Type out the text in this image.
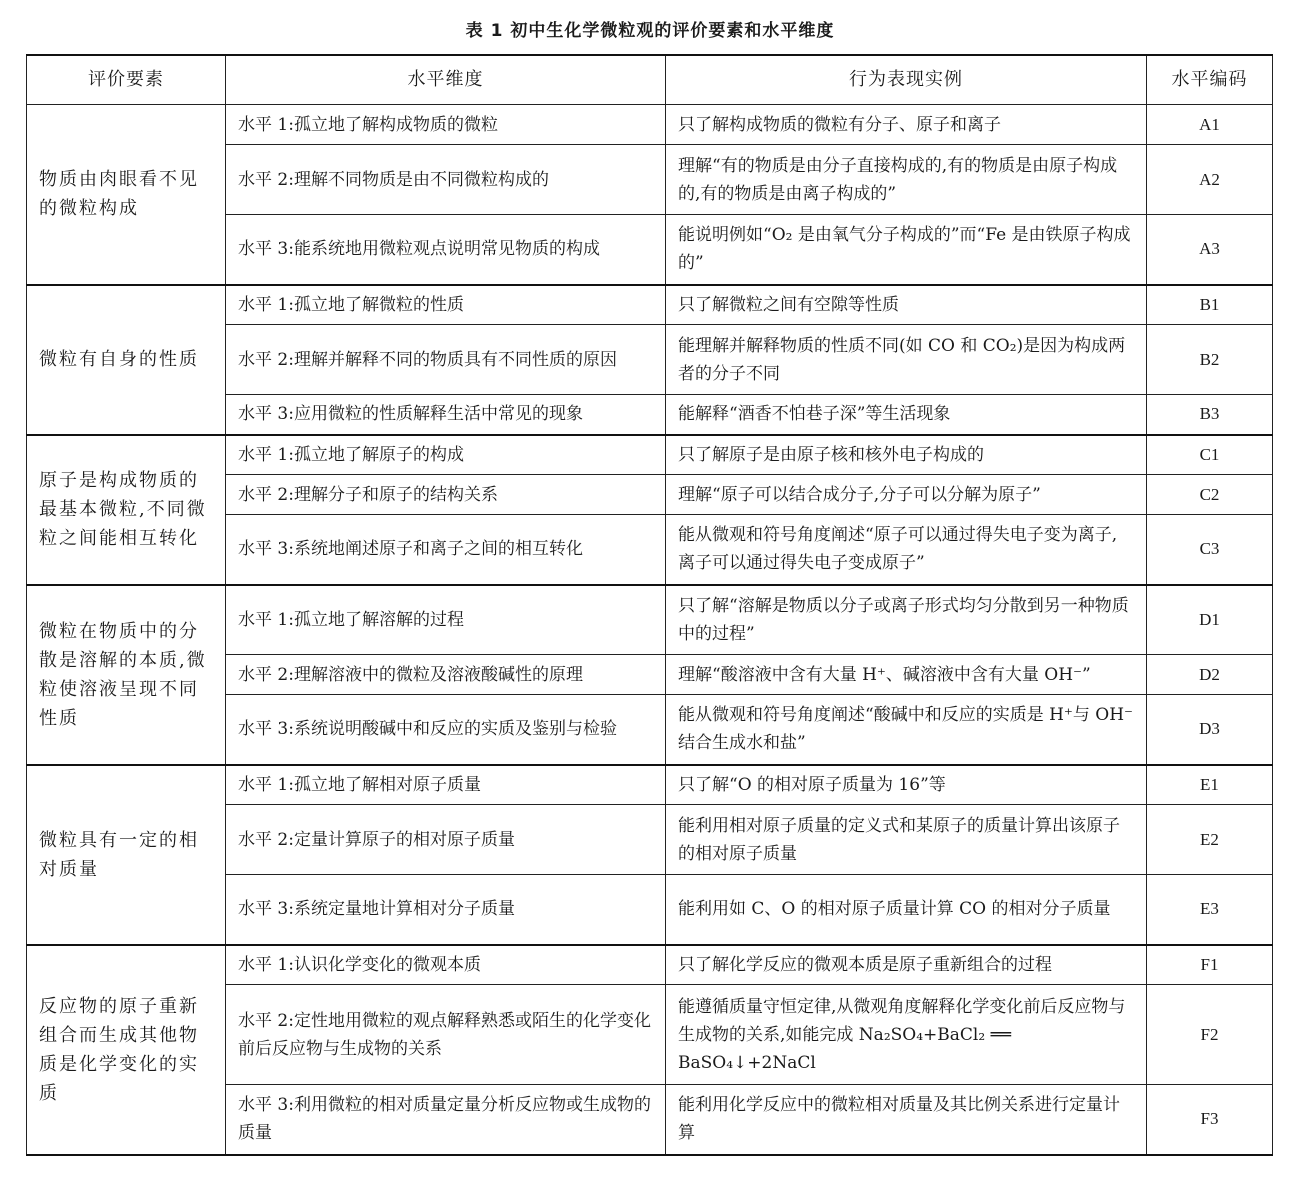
表 1 初中生化学微粒观的评价要素和水平维度
评价要素	水平维度	行为表现实例	水平编码
物质由肉眼看不见的微粒构成	水平 1:孤立地了解构成物质的微粒	只了解构成物质的微粒有分子、原子和离子	A1
	水平 2:理解不同物质是由不同微粒构成的	理解“有的物质是由分子直接构成的,有的物质是由原子构成的,有的物质是由离子构成的”	A2
	水平 3:能系统地用微粒观点说明常见物质的构成	能说明例如“O₂ 是由氧气分子构成的”而“Fe 是由铁原子构成的”	A3
微粒有自身的性质	水平 1:孤立地了解微粒的性质	只了解微粒之间有空隙等性质	B1
	水平 2:理解并解释不同的物质具有不同性质的原因	能理解并解释物质的性质不同(如 CO 和 CO₂)是因为构成两者的分子不同	B2
	水平 3:应用微粒的性质解释生活中常见的现象	能解释“酒香不怕巷子深”等生活现象	B3
原子是构成物质的最基本微粒,不同微粒之间能相互转化	水平 1:孤立地了解原子的构成	只了解原子是由原子核和核外电子构成的	C1
	水平 2:理解分子和原子的结构关系	理解“原子可以结合成分子,分子可以分解为原子”	C2
	水平 3:系统地阐述原子和离子之间的相互转化	能从微观和符号角度阐述“原子可以通过得失电子变为离子,离子可以通过得失电子变成原子”	C3
微粒在物质中的分散是溶解的本质,微粒使溶液呈现不同性质	水平 1:孤立地了解溶解的过程	只了解“溶解是物质以分子或离子形式均匀分散到另一种物质中的过程”	D1
	水平 2:理解溶液中的微粒及溶液酸碱性的原理	理解“酸溶液中含有大量 H⁺、碱溶液中含有大量 OH⁻”	D2
	水平 3:系统说明酸碱中和反应的实质及鉴别与检验	能从微观和符号角度阐述“酸碱中和反应的实质是 H⁺与 OH⁻结合生成水和盐”	D3
微粒具有一定的相对质量	水平 1:孤立地了解相对原子质量	只了解“O 的相对原子质量为 16”等	E1
	水平 2:定量计算原子的相对原子质量	能利用相对原子质量的定义式和某原子的质量计算出该原子的相对原子质量	E2
	水平 3:系统定量地计算相对分子质量	能利用如 C、O 的相对原子质量计算 CO 的相对分子质量	E3
反应物的原子重新组合而生成其他物质是化学变化的实质	水平 1:认识化学变化的微观本质	只了解化学反应的微观本质是原子重新组合的过程	F1
	水平 2:定性地用微粒的观点解释熟悉或陌生的化学变化前后反应物与生成物的关系	能遵循质量守恒定律,从微观角度解释化学变化前后反应物与生成物的关系,如能完成 Na₂SO₄+BaCl₂ ══ BaSO₄↓+2NaCl	F2
	水平 3:利用微粒的相对质量定量分析反应物或生成物的质量	能利用化学反应中的微粒相对质量及其比例关系进行定量计算	F3
